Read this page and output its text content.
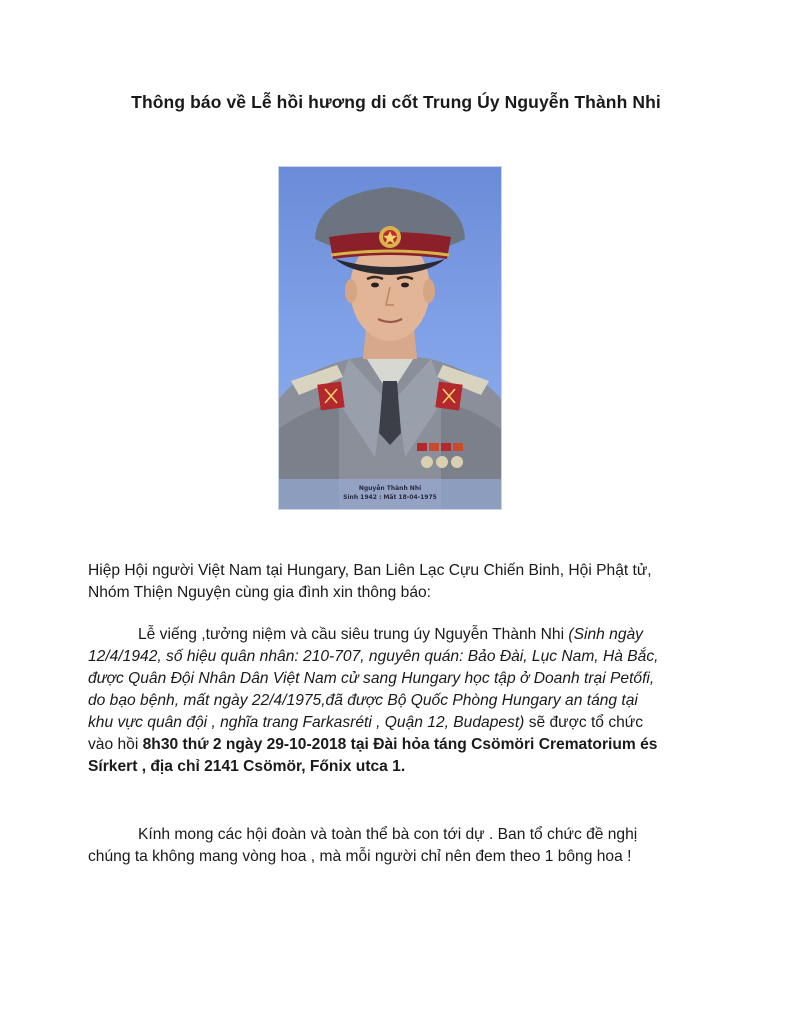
Thông báo về Lễ hồi hương di cốt Trung Úy Nguyễn Thành Nhi
Nguyễn Thành Nhi
Sinh 1942 : Mất 18-04-1975
Hiệp Hội người Việt Nam tại Hungary, Ban Liên Lạc Cựu Chiến Binh, Hội Phật tử,
Nhóm Thiện Nguyện cùng gia đình xin thông báo:
Lễ viếng ,tưởng niệm và cầu siêu trung úy Nguyễn Thành Nhi (Sinh ngày
12/4/1942, số hiệu quân nhân: 210-707, nguyên quán: Bảo Đài, Lục Nam, Hà Bắc,
được Quân Đội Nhân Dân Việt Nam cử sang Hungary học tập ở Doanh trại Petőfi,
do bạo bệnh, mất ngày 22/4/1975,đã được Bộ Quốc Phòng Hungary an táng tại
khu vực quân đội , nghĩa trang Farkasréti , Quận 12, Budapest) sẽ được tổ chức
vào hồi 8h30 thứ 2 ngày 29-10-2018 tại Đài hỏa táng Csömöri Crematorium és
Sírkert , địa chỉ 2141 Csömör, Főnix utca 1.
Kính mong các hội đoàn và toàn thể bà con tới dự . Ban tổ chức đề nghị
chúng ta không mang vòng hoa , mà mỗi người chỉ nên đem theo 1 bông hoa !
